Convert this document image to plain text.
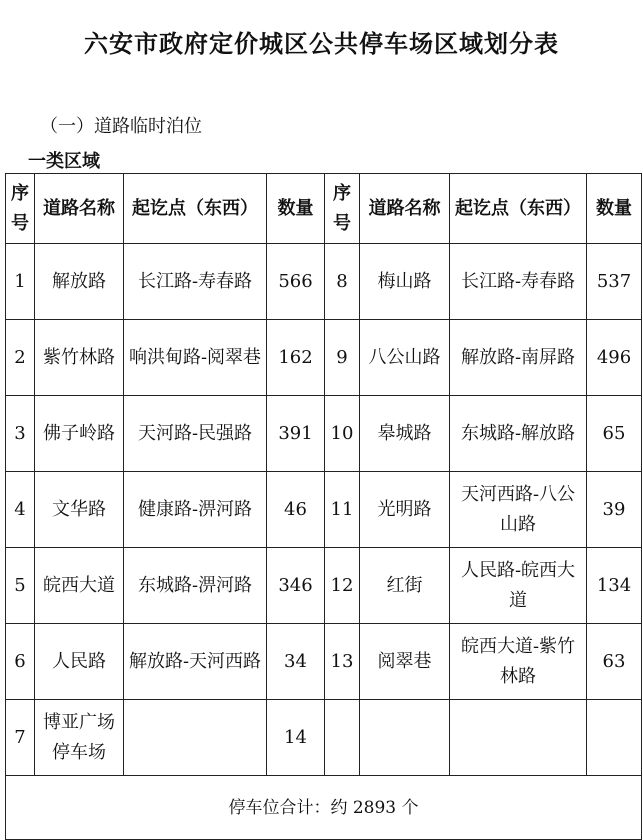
六安市政府定价城区公共停车场区域划分表
（一）道路临时泊位
一类区域
序号	道路名称	起讫点（东西）	数量	序号	道路名称	起讫点（东西）	数量
1	解放路	长江路-寿春路	566	8	梅山路	长江路-寿春路	537
2	紫竹林路	响洪甸路-阅翠巷	162	9	八公山路	解放路-南屏路	496
3	佛子岭路	天河路-民强路	391	10	皋城路	东城路-解放路	65
4	文华路	健康路-淠河路	46	11	光明路	天河西路-八公山路	39
5	皖西大道	东城路-淠河路	346	12	红街	人民路-皖西大道	134
6	人民路	解放路-天河西路	34	13	阅翠巷	皖西大道-紫竹林路	63
7	博亚广场停车场		14				
停车位合计：约 2893 个							
